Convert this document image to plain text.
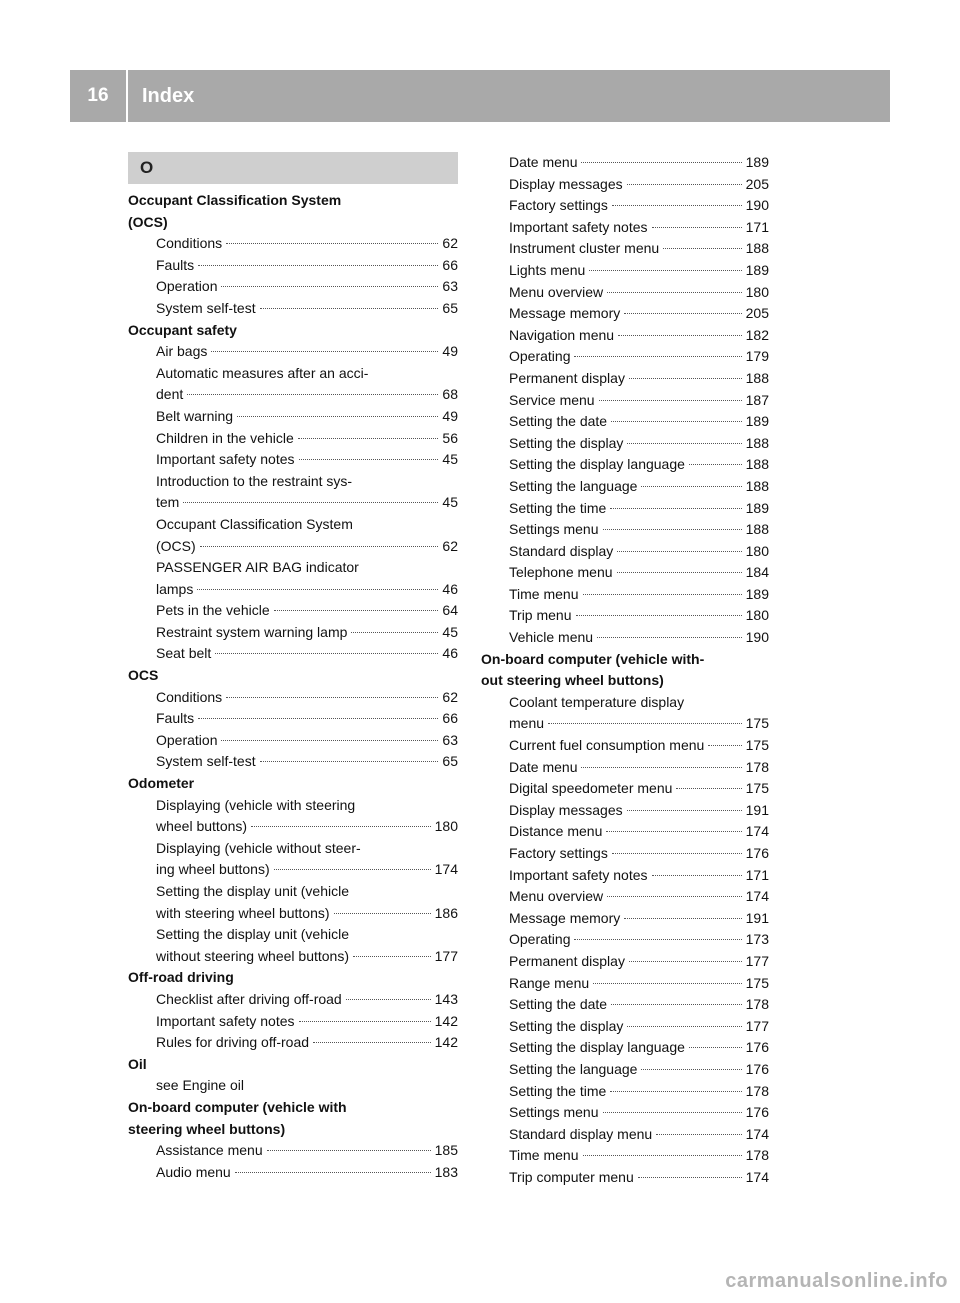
16	Index
O
Occupant Classification System
(OCS)
Conditions	62
Faults	66
Operation	63
System self-test	65
Occupant safety
Air bags	49
Automatic measures after an acci-
dent	68
Belt warning	49
Children in the vehicle	56
Important safety notes	45
Introduction to the restraint sys-
tem	45
Occupant Classification System
(OCS)	62
PASSENGER AIR BAG indicator
lamps	46
Pets in the vehicle	64
Restraint system warning lamp	45
Seat belt	46
OCS
Conditions	62
Faults	66
Operation	63
System self-test	65
Odometer
Displaying (vehicle with steering
wheel buttons)	180
Displaying (vehicle without steer-
ing wheel buttons)	174
Setting the display unit (vehicle
with steering wheel buttons)	186
Setting the display unit (vehicle
without steering wheel buttons)	177
Off-road driving
Checklist after driving off-road	143
Important safety notes	142
Rules for driving off-road	142
Oil
see Engine oil
On-board computer (vehicle with
steering wheel buttons)
Assistance menu	185
Audio menu	183
Date menu	189
Display messages	205
Factory settings	190
Important safety notes	171
Instrument cluster menu	188
Lights menu	189
Menu overview	180
Message memory	205
Navigation menu	182
Operating	179
Permanent display	188
Service menu	187
Setting the date	189
Setting the display	188
Setting the display language	188
Setting the language	188
Setting the time	189
Settings menu	188
Standard display	180
Telephone menu	184
Time menu	189
Trip menu	180
Vehicle menu	190
On-board computer (vehicle with-
out steering wheel buttons)
Coolant temperature display
menu	175
Current fuel consumption menu	175
Date menu	178
Digital speedometer menu	175
Display messages	191
Distance menu	174
Factory settings	176
Important safety notes	171
Menu overview	174
Message memory	191
Operating	173
Permanent display	177
Range menu	175
Setting the date	178
Setting the display	177
Setting the display language	176
Setting the language	176
Setting the time	178
Settings menu	176
Standard display menu	174
Time menu	178
Trip computer menu	174
carmanualsonline.info
